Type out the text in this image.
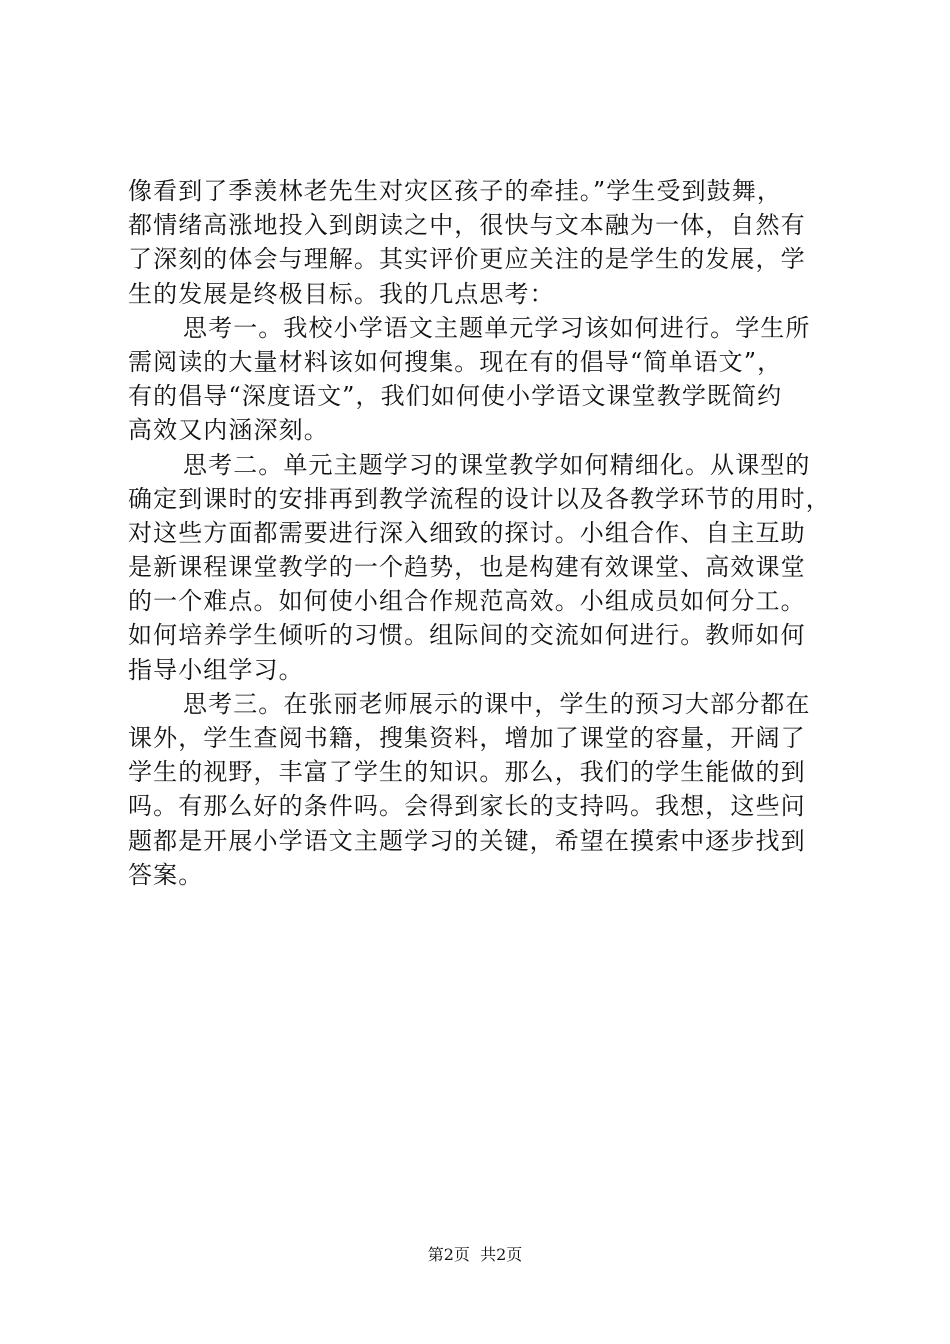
像看到了季羡林老先生对灾区孩子的牵挂。”学生受到鼓舞，
都情绪高涨地投入到朗读之中，很快与文本融为一体，自然有
了深刻的体会与理解。其实评价更应关注的是学生的发展，学
生的发展是终极目标。我的几点思考：
思考一。我校小学语文主题单元学习该如何进行。学生所
需阅读的大量材料该如何搜集。现在有的倡导“简单语文”，
有的倡导“深度语文”，我们如何使小学语文课堂教学既简约
高效又内涵深刻。
思考二。单元主题学习的课堂教学如何精细化。从课型的
确定到课时的安排再到教学流程的设计以及各教学环节的用时，
对这些方面都需要进行深入细致的探讨。小组合作、自主互助
是新课程课堂教学的一个趋势，也是构建有效课堂、高效课堂
的一个难点。如何使小组合作规范高效。小组成员如何分工。
如何培养学生倾听的习惯。组际间的交流如何进行。教师如何
指导小组学习。
思考三。在张丽老师展示的课中，学生的预习大部分都在
课外，学生查阅书籍，搜集资料，增加了课堂的容量，开阔了
学生的视野，丰富了学生的知识。那么，我们的学生能做的到
吗。有那么好的条件吗。会得到家长的支持吗。我想，这些问
题都是开展小学语文主题学习的关键，希望在摸索中逐步找到
答案。
第2页  共2页
